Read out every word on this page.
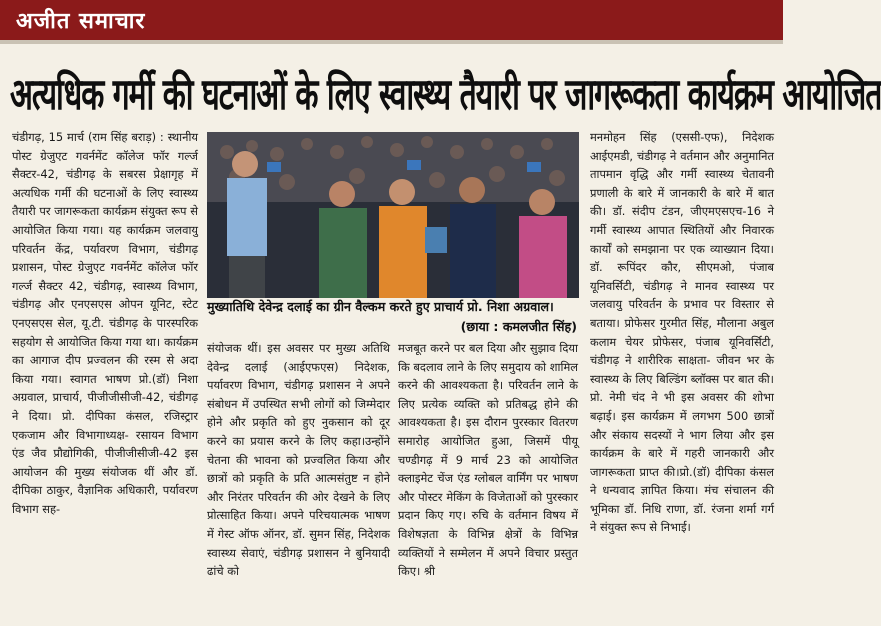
अजीत समाचार
अत्यधिक गर्मी की घटनाओं के लिए स्वास्थ्य तैयारी पर जागरूकता कार्यक्रम आयोजित
चंडीगढ़, 15 मार्च (राम सिंह बराड़) : स्थानीय पोस्ट ग्रेजुएट गवर्नमेंट कॉलेज फॉर गर्ल्ज सैक्टर-42, चंडीगढ़ के सबरस प्रेक्षागृह में अत्यधिक गर्मी की घटनाओं के लिए स्वास्थ्य तैयारी पर जागरूकता कार्यक्रम संयुक्त रूप से आयोजित किया गया। यह कार्यक्रम जलवायु परिवर्तन केंद्र, पर्यावरण विभाग, चंडीगढ़ प्रशासन, पोस्ट ग्रेजुएट गवर्नमेंट कॉलेज फॉर गर्ल्ज सैक्टर 42, चंडीगढ़, स्वास्थ्य विभाग, चंडीगढ़ और एनएसएस ओपन यूनिट, स्टेट एनएसएस सेल, यू.टी. चंडीगढ़ के पारस्परिक सहयोग से आयोजित किया गया था। कार्यक्रम का आगाज दीप प्रज्वलन की रस्म से अदा किया गया। स्वागत भाषण प्रो.(डॉ) निशा अग्रवाल, प्राचार्य, पीजीजीसीजी-42, चंडीगढ़ ने दिया। प्रो. दीपिका कंसल, रजिस्ट्रार एकजाम और विभागाध्यक्ष- रसायन विभाग एंड जैव प्रौद्योगिकी, पीजीजीसीजी-42 इस आयोजन की मुख्य संयोजक थीं और डॉ. दीपिका ठाकुर, वैज्ञानिक अधिकारी, पर्यावरण विभाग सह-
मुख्यातिथि देवेन्द्र दलाई का ग्रीन वैल्कम करते हुए प्राचार्य प्रो. निशा अग्रवाल।
(छाया : कमलजीत सिंह)
संयोजक थीं। इस अवसर पर मुख्य अतिथि देवेन्द्र दलाई (आईएफएस) निदेशक, पर्यावरण विभाग, चंडीगढ़ प्रशासन ने अपने संबोधन में उपस्थित सभी लोगों को जिम्मेदार होने और प्रकृति को हुए नुकसान को दूर करने का प्रयास करने के लिए कहा।उन्होंने चेतना की भावना को प्रज्वलित किया और छात्रों को प्रकृति के प्रति आत्मसंतुष्ट न होने और निरंतर परिवर्तन की ओर देखने के लिए प्रोत्साहित किया। अपने परिचयात्मक भाषण में गेस्ट ऑफ ऑनर, डॉ. सुमन सिंह, निदेशक स्वास्थ्य सेवाएं, चंडीगढ़ प्रशासन ने बुनियादी ढांचे को
मजबूत करने पर बल दिया और सुझाव दिया कि बदलाव लाने के लिए समुदाय को शामिल करने की आवश्यकता है। परिवर्तन लाने के लिए प्रत्येक व्यक्ति को प्रतिबद्ध होने की आवश्यकता है। इस दौरान पुरस्कार वितरण समारोह आयोजित हुआ, जिसमें पीयू चण्डीगढ़ में 9 मार्च 23 को आयोजित क्लाइमेट चेंज एंड ग्लोबल वार्मिंग पर भाषण और पोस्टर मेकिंग के विजेताओं को पुरस्कार प्रदान किए गए। रुचि के वर्तमान विषय में विशेषज्ञता के विभिन्न क्षेत्रों के विभिन्न व्यक्तियों ने सम्मेलन में अपने विचार प्रस्तुत किए। श्री
मनमोहन सिंह (एससी-एफ), निदेशक आईएमडी, चंडीगढ़ ने वर्तमान और अनुमानित तापमान वृद्धि और गर्मी स्वास्थ्य चेतावनी प्रणाली के बारे में जानकारी के बारे में बात की। डॉ. संदीप टंडन, जीएमएसएच-16 ने गर्मी स्वास्थ्य आपात स्थितियों और निवारक कार्यों को समझाना पर एक व्याख्यान दिया। डॉ. रूपिंदर कौर, सीएमओ, पंजाब यूनिवर्सिटी, चंडीगढ़ ने मानव स्वास्थ्य पर जलवायु परिवर्तन के प्रभाव पर विस्तार से बताया। प्रोफेसर गुरमीत सिंह, मौलाना अबुल कलाम चेयर प्रोफेसर, पंजाब यूनिवर्सिटी, चंडीगढ़ ने शारीरिक साक्षता- जीवन भर के स्वास्थ्य के लिए बिल्डिंग ब्लॉक्स पर बात की। प्रो. नेमी चंद ने भी इस अवसर की शोभा बढ़ाई। इस कार्यक्रम में लगभग 500 छात्रों और संकाय सदस्यों ने भाग लिया और इस कार्यक्रम के बारे में गहरी जानकारी और जागरूकता प्राप्त की।प्रो.(डॉ) दीपिका कंसल ने धन्यवाद ज्ञापित किया। मंच संचालन की भूमिका डॉ. निधि राणा, डॉ. रंजना शर्मा गर्ग ने संयुक्त रूप से निभाई।
